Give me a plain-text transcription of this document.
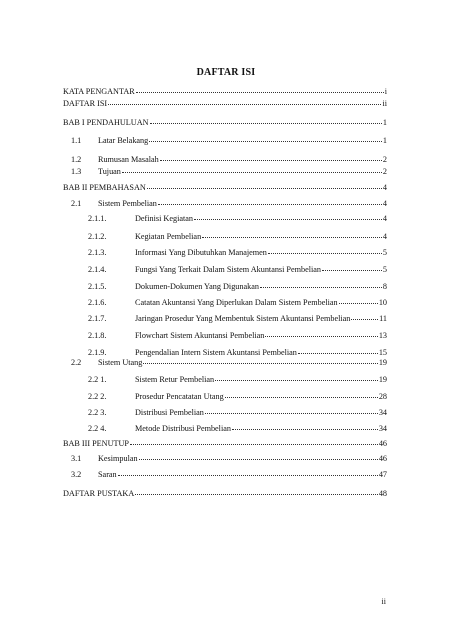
DAFTAR ISI
KATA PENGANTAR	i
DAFTAR ISI	ii
BAB I PENDAHULUAN	1
1.1	Latar Belakang	1
1.2	Rumusan Masalah	2
1.3	Tujuan	2
BAB II PEMBAHASAN	4
2.1	Sistem Pembelian	4
2.1.1.	Definisi Kegiatan	4
2.1.2.	Kegiatan Pembelian	4
2.1.3.	Informasi Yang Dibutuhkan Manajemen	5
2.1.4.	Fungsi Yang Terkait Dalam Sistem Akuntansi Pembelian	5
2.1.5.	Dokumen-Dokumen Yang Digunakan	8
2.1.6.	Catatan Akuntansi Yang Diperlukan Dalam Sistem Pembelian	10
2.1.7.	Jaringan Prosedur Yang Membentuk Sistem Akuntansi Pembelian	11
2.1.8.	Flowchart Sistem Akuntansi Pembelian	13
2.1.9.	Pengendalian Intern Sistem Akuntansi Pembelian	15
2.2	Sistem Utang	19
2.2 1.	Sistem Retur Pembelian	19
2.2 2.	Prosedur Pencatatan Utang	28
2.2 3.	Distribusi Pembelian	34
2.2 4.	Metode Distribusi Pembelian	34
BAB III PENUTUP	46
3.1	Kesimpulan	46
3.2	Saran	47
DAFTAR PUSTAKA	48
ii
